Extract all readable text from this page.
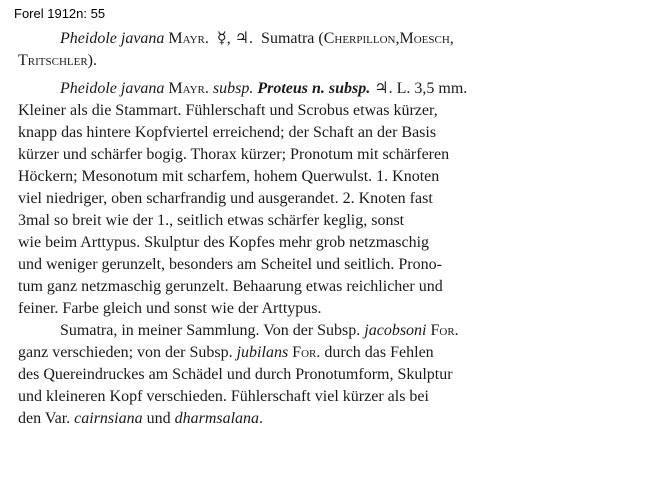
Forel 1912n: 55
Pheidole javana
Mayr.
☿, ♃.
Sumatra ( Cherpillon , Moesch ,
Tritschler ).
Pheidole javana
Mayr.
subsp.
Proteus n. subsp.
♃. L. 3,5 mm.
Kleiner als die Stammart. Fühlerschaft und Scrobus etwas kürzer,
knapp das hintere Kopfviertel erreichend; der Schaft an der Basis
kürzer und schärfer bogig. Thorax kürzer; Pronotum mit schärferen
Höckern; Mesonotum mit scharfem, hohem Querwulst. 1. Knoten
viel niedriger, oben scharfrandig und ausgerandet. 2. Knoten fast
3mal so breit wie der 1., seitlich etwas schärfer keglig, sonst
wie beim Arttypus. Skulptur des Kopfes mehr grob netzmaschig
und weniger gerunzelt, besonders am Scheitel und seitlich. Prono-
tum ganz netzmaschig gerunzelt. Behaarung etwas reichlicher und
feiner. Farbe gleich und sonst wie der Arttypus.
Sumatra, in meiner Sammlung. Von der Subsp.
jacobsoni
For.
ganz verschieden; von der Subsp.
jubilans
For.
durch das Fehlen
des Quereindruckes am Schädel und durch Pronotumform, Skulptur
und kleineren Kopf verschieden. Fühlerschaft viel kürzer als bei
den Var.
cairnsiana
und
dharmsalana .
